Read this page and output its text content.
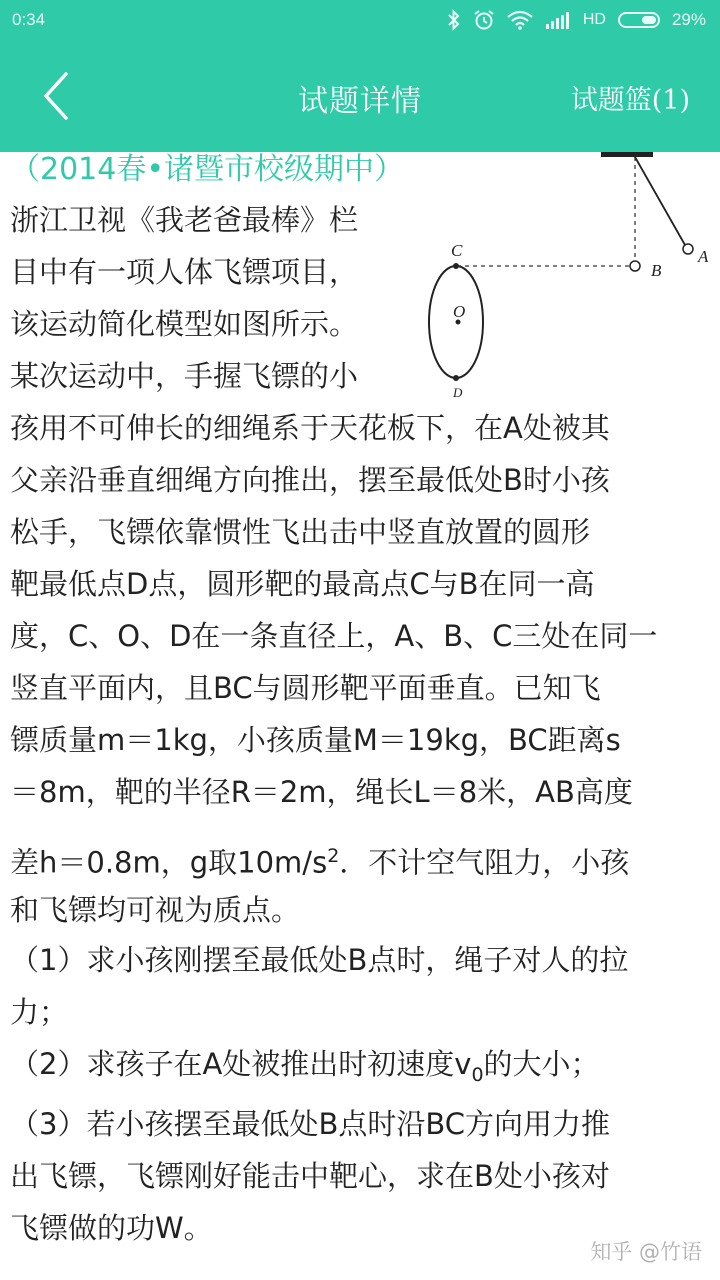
0:34	HD	29%
试题详情	试题篮(1)
（2014春•诸暨市校级期中）
A
B
C
O
D
浙江卫视《我老爸最棒》栏
目中有一项人体飞镖项目，
该运动简化模型如图所示。
某次运动中，手握飞镖的小
孩用不可伸长的细绳系于天花板下，在A处被其
父亲沿垂直细绳方向推出，摆至最低处B时小孩
松手，飞镖依靠惯性飞出击中竖直放置的圆形
靶最低点D点，圆形靶的最高点C与B在同一高
度，C、O、D在一条直径上，A、B、C三处在同一
竖直平面内，且BC与圆形靶平面垂直。已知飞
镖质量m＝1kg，小孩质量M＝19kg，BC距离s
＝8m，靶的半径R＝2m，绳长L＝8米，AB高度
差h＝0.8m，g取$10m/s^2$．不计空气阻力，小孩
和飞镖均可视为质点。
（1）求小孩刚摆至最低处B点时，绳子对人的拉
力；
（2）求孩子在A处被推出时初速度$v_0$的大小；
（3）若小孩摆至最低处B点时沿BC方向用力推
出飞镖，飞镖刚好能击中靶心，求在B处小孩对
飞镖做的功W。
知乎 @竹语
